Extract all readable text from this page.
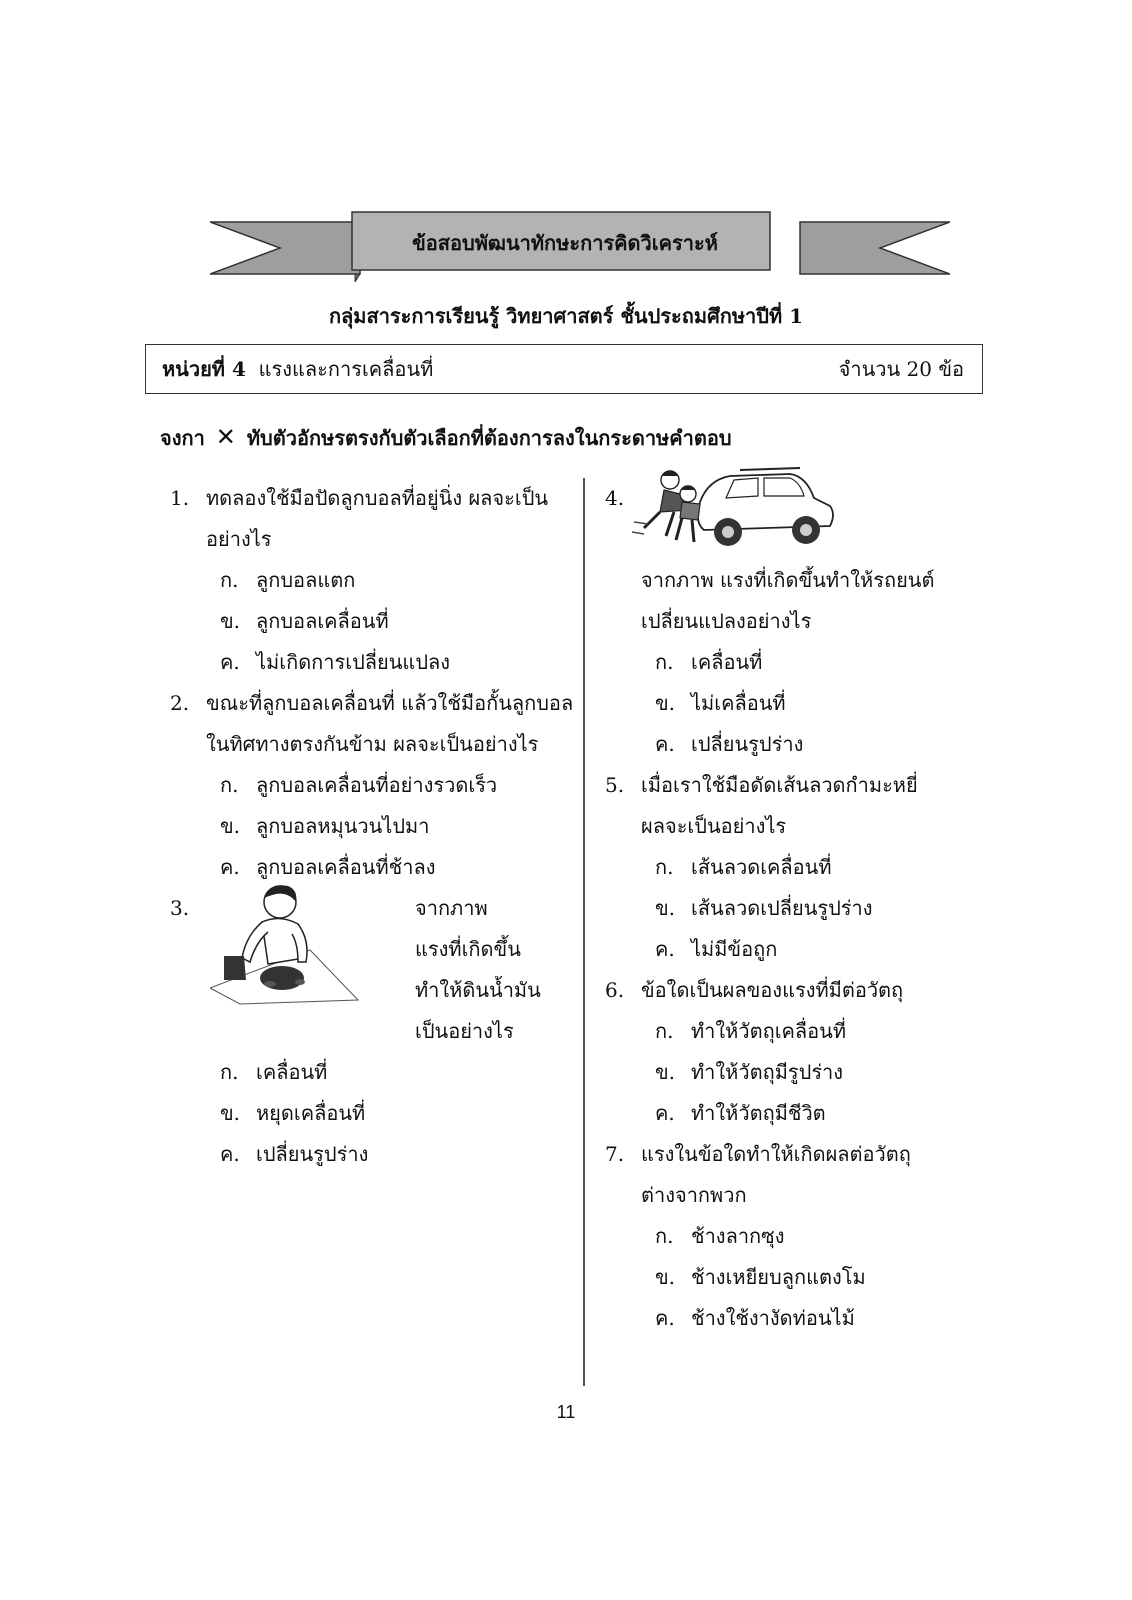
ข้อสอบพัฒนาทักษะการคิดวิเคราะห์
กลุ่มสาระการเรียนรู้ วิทยาศาสตร์ ชั้นประถมศึกษาปีที่ 1
หน่วยที่ 4 แรงและการเคลื่อนที่	จำนวน 20 ข้อ
จงกา ✕ ทับตัวอักษรตรงกับตัวเลือกที่ต้องการลงในกระดาษคำตอบ
1. ทดลองใช้มือปัดลูกบอลที่อยู่นิ่ง ผลจะเป็น
อย่างไร
ก. ลูกบอลแตก
ข. ลูกบอลเคลื่อนที่
ค. ไม่เกิดการเปลี่ยนแปลง
2. ขณะที่ลูกบอลเคลื่อนที่ แล้วใช้มือกั้นลูกบอล
ในทิศทางตรงกันข้าม ผลจะเป็นอย่างไร
ก. ลูกบอลเคลื่อนที่อย่างรวดเร็ว
ข. ลูกบอลหมุนวนไปมา
ค. ลูกบอลเคลื่อนที่ช้าลง
3.	จากภาพ
แรงที่เกิดขึ้น
ทำให้ดินน้ำมัน
เป็นอย่างไร
ก. เคลื่อนที่
ข. หยุดเคลื่อนที่
ค. เปลี่ยนรูปร่าง
4.
จากภาพ แรงที่เกิดขึ้นทำให้รถยนต์
เปลี่ยนแปลงอย่างไร
ก. เคลื่อนที่
ข. ไม่เคลื่อนที่
ค. เปลี่ยนรูปร่าง
5. เมื่อเราใช้มือดัดเส้นลวดกำมะหยี่
ผลจะเป็นอย่างไร
ก. เส้นลวดเคลื่อนที่
ข. เส้นลวดเปลี่ยนรูปร่าง
ค. ไม่มีข้อถูก
6. ข้อใดเป็นผลของแรงที่มีต่อวัตถุ
ก. ทำให้วัตถุเคลื่อนที่
ข. ทำให้วัตถุมีรูปร่าง
ค. ทำให้วัตถุมีชีวิต
7. แรงในข้อใดทำให้เกิดผลต่อวัตถุ
ต่างจากพวก
ก. ช้างลากซุง
ข. ช้างเหยียบลูกแตงโม
ค. ช้างใช้งางัดท่อนไม้
11
